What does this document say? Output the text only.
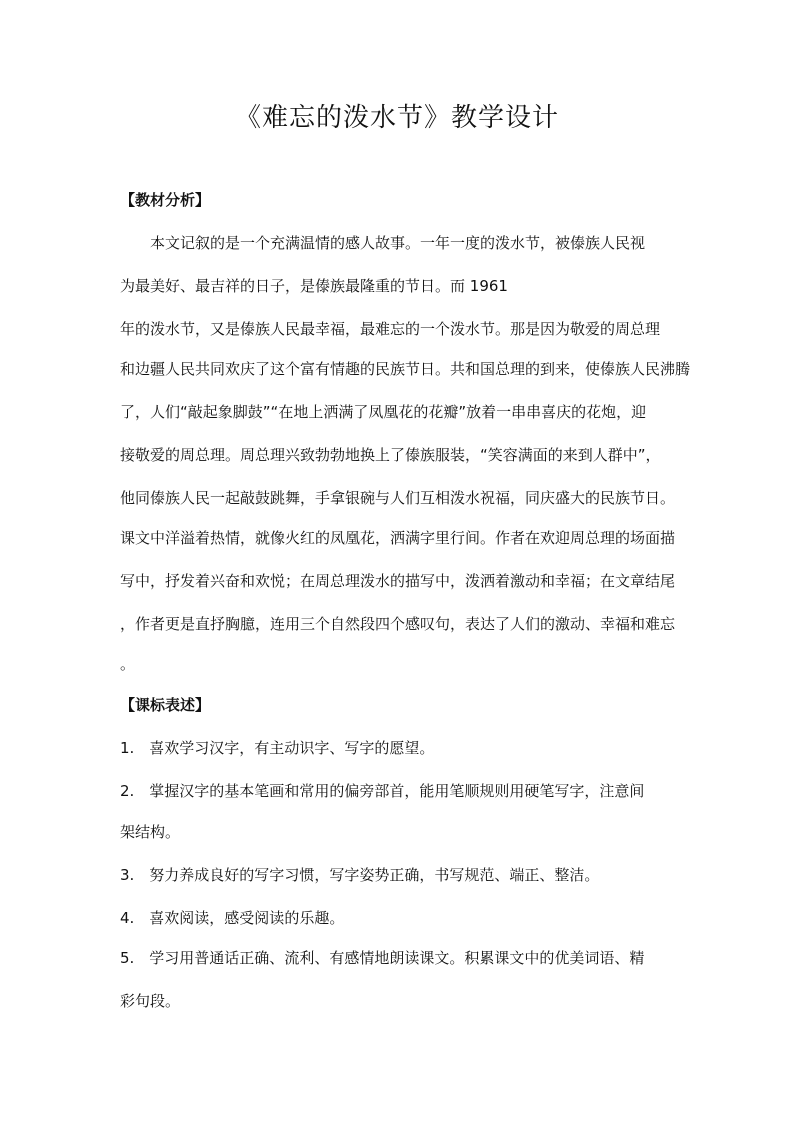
《难忘的泼水节》教学设计
【教材分析】
　　本文记叙的是一个充满温情的感人故事。一年一度的泼水节，被傣族人民视
为最美好、最吉祥的日子，是傣族最隆重的节日。而 1961
年的泼水节，又是傣族人民最幸福，最难忘的一个泼水节。那是因为敬爱的周总理
和边疆人民共同欢庆了这个富有情趣的民族节日。共和国总理的到来，使傣族人民沸腾
了，人们“敲起象脚鼓”“在地上洒满了凤凰花的花瓣”放着一串串喜庆的花炮，迎
接敬爱的周总理。周总理兴致勃勃地换上了傣族服装，“笑容满面的来到人群中”，
他同傣族人民一起敲鼓跳舞，手拿银碗与人们互相泼水祝福，同庆盛大的民族节日。
课文中洋溢着热情，就像火红的凤凰花，洒满字里行间。作者在欢迎周总理的场面描
写中，抒发着兴奋和欢悦；在周总理泼水的描写中，泼洒着激动和幸福；在文章结尾
，作者更是直抒胸臆，连用三个自然段四个感叹句，表达了人们的激动、幸福和难忘
。
【课标表述】
1.　喜欢学习汉字，有主动识字、写字的愿望。
2.　掌握汉字的基本笔画和常用的偏旁部首，能用笔顺规则用硬笔写字，注意间
架结构。
3.　努力养成良好的写字习惯，写字姿势正确，书写规范、端正、整洁。
4.　喜欢阅读，感受阅读的乐趣。
5.　学习用普通话正确、流利、有感情地朗读课文。积累课文中的优美词语、精
彩句段。
